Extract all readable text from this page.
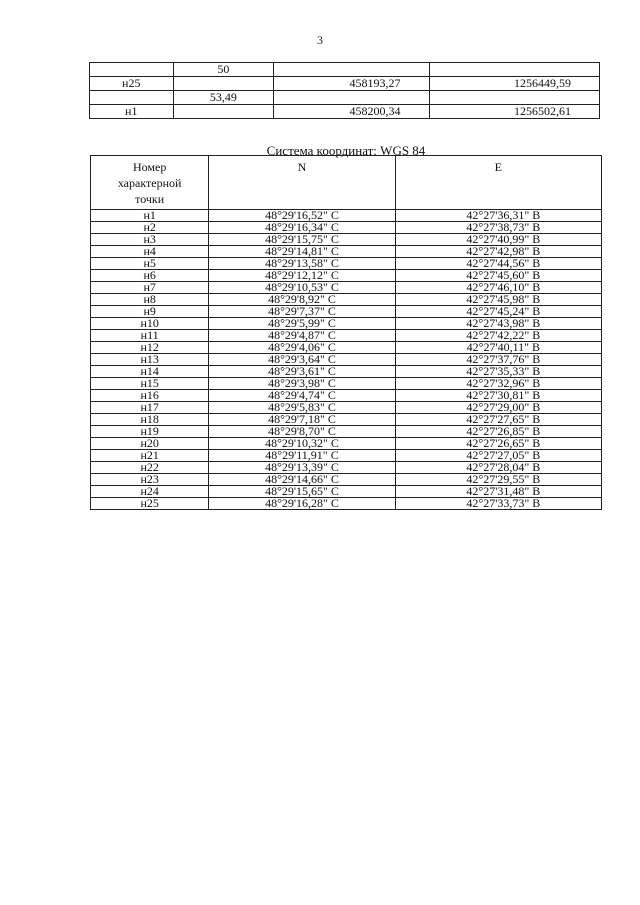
3
	50		
н25		458193,27	1256449,59
	53,49		
н1		458200,34	1256502,61
Система координат: WGS 84
Номер
характерной
точки	N	E
н1	48°29'16,52" С	42°27'36,31" В
н2	48°29'16,34" С	42°27'38,73" В
н3	48°29'15,75" С	42°27'40,99" В
н4	48°29'14,81" С	42°27'42,98" В
н5	48°29'13,58" С	42°27'44,56" В
н6	48°29'12,12" С	42°27'45,60" В
н7	48°29'10,53" С	42°27'46,10" В
н8	48°29'8,92" С	42°27'45,98" В
н9	48°29'7,37" С	42°27'45,24" В
н10	48°29'5,99" С	42°27'43,98" В
н11	48°29'4,87" С	42°27'42,22" В
н12	48°29'4,06" С	42°27'40,11" В
н13	48°29'3,64" С	42°27'37,76" В
н14	48°29'3,61" С	42°27'35,33" В
н15	48°29'3,98" С	42°27'32,96" В
н16	48°29'4,74" С	42°27'30,81" В
н17	48°29'5,83" С	42°27'29,00" В
н18	48°29'7,18" С	42°27'27,65" В
н19	48°29'8,70" С	42°27'26,85" В
н20	48°29'10,32" С	42°27'26,65" В
н21	48°29'11,91" С	42°27'27,05" В
н22	48°29'13,39" С	42°27'28,04" В
н23	48°29'14,66" С	42°27'29,55" В
н24	48°29'15,65" С	42°27'31,48" В
н25	48°29'16,28" С	42°27'33,73" В
